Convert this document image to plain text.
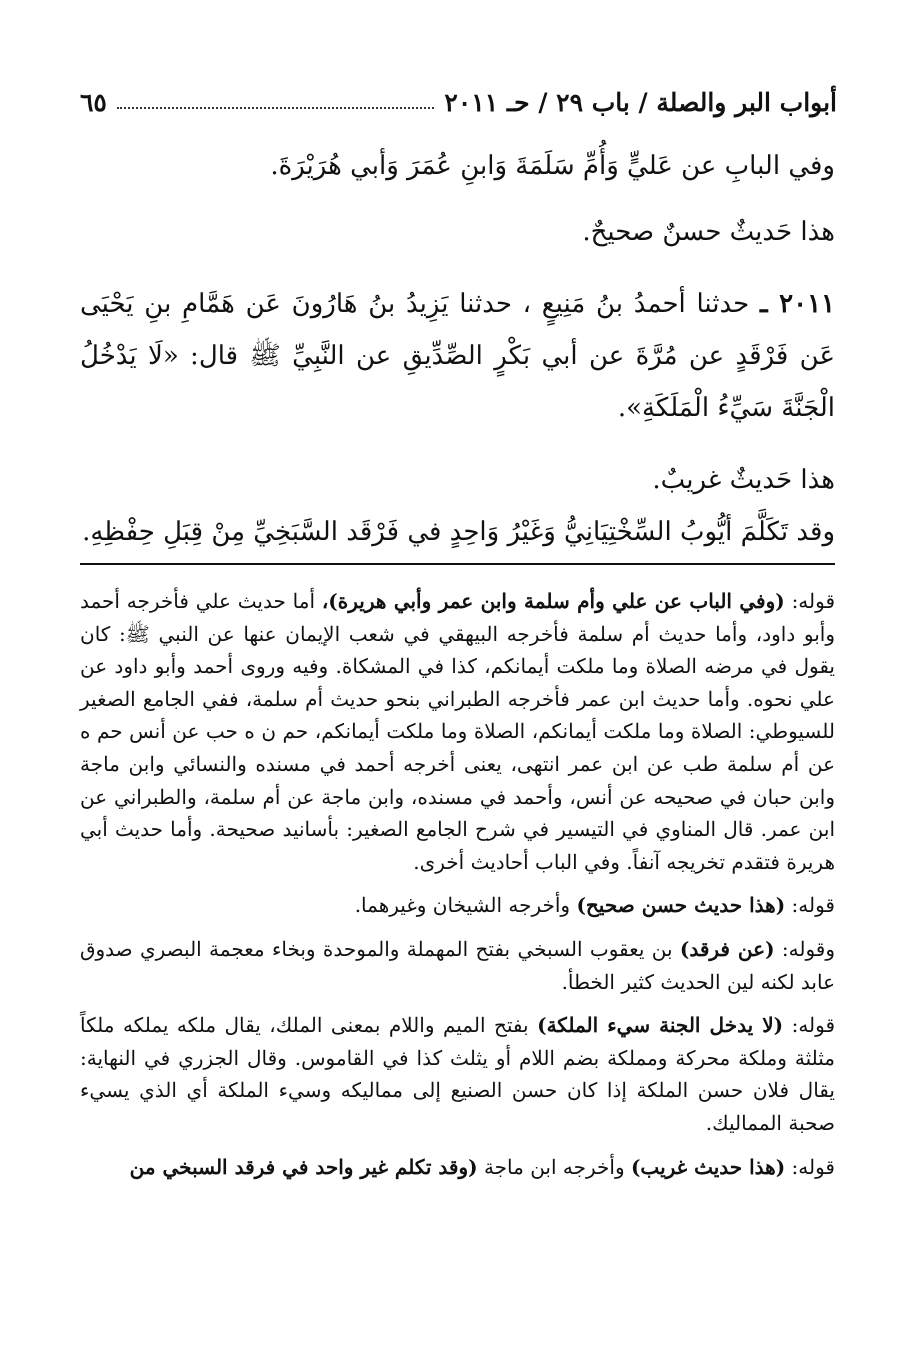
أبواب البر والصلة / باب ٢٩ / حـ ٢٠١١
٦٥

وفي البابِ عن عَليٍّ وَأُمِّ سَلَمَةَ وَابنِ عُمَرَ وَأبي هُرَيْرَةَ.

هذا حَديثٌ حسنٌ صحيحٌ.

٢٠١١ ـ حدثنا أحمدُ بنُ مَنِيعٍ ، حدثنا يَزِيدُ بنُ هَارُونَ عَن هَمَّامِ بنِ يَحْيَى عَن فَرْقَدٍ عن مُرَّةَ عن أبي بَكْرٍ الصِّدِّيقِ عن النَّبِيِّ ﷺ قال: «لَا يَدْخُلُ الْجَنَّةَ سَيِّءُ الْمَلَكَةِ».

هذا حَديثٌ غريبٌ.

وقد تَكَلَّمَ أيُّوبُ السِّخْتِيَانِيُّ وَغَيْرُ وَاحِدٍ في فَرْقَد السَّبَخِيِّ مِنْ قِبَلِ حِفْظِهِ.

قوله: (وفي الباب عن علي وأم سلمة وابن عمر وأبي هريرة)، أما حديث علي فأخرجه أحمد وأبو داود، وأما حديث أم سلمة فأخرجه البيهقي في شعب الإيمان عنها عن النبي ﷺ: كان يقول في مرضه الصلاة وما ملكت أيمانكم، كذا في المشكاة. وفيه وروى أحمد وأبو داود عن علي نحوه. وأما حديث ابن عمر فأخرجه الطبراني بنحو حديث أم سلمة، ففي الجامع الصغير للسيوطي: الصلاة وما ملكت أيمانكم، الصلاة وما ملكت أيمانكم، حم ن ه حب عن أنس حم ه عن أم سلمة طب عن ابن عمر انتهى، يعنى أخرجه أحمد في مسنده والنسائي وابن ماجة وابن حبان في صحيحه عن أنس، وأحمد في مسنده، وابن ماجة عن أم سلمة، والطبراني عن ابن عمر. قال المناوي في التيسير في شرح الجامع الصغير: بأسانيد صحيحة. وأما حديث أبي هريرة فتقدم تخريجه آنفاً. وفي الباب أحاديث أخرى.

قوله: (هذا حديث حسن صحيح) وأخرجه الشيخان وغيرهما.

وقوله: (عن فرقد) بن يعقوب السبخي بفتح المهملة والموحدة وبخاء معجمة البصري صدوق عابد لكنه لين الحديث كثير الخطأ.

قوله: (لا يدخل الجنة سيء الملكة) بفتح الميم واللام بمعنى الملك، يقال ملكه يملكه ملكاً مثلثة وملكة محركة ومملكة بضم اللام أو يثلث كذا في القاموس. وقال الجزري في النهاية: يقال فلان حسن الملكة إذا كان حسن الصنيع إلى مماليكه وسيء الملكة أي الذي يسيء صحبة المماليك.

قوله: (هذا حديث غريب) وأخرجه ابن ماجة (وقد تكلم غير واحد في فرقد السبخي من
